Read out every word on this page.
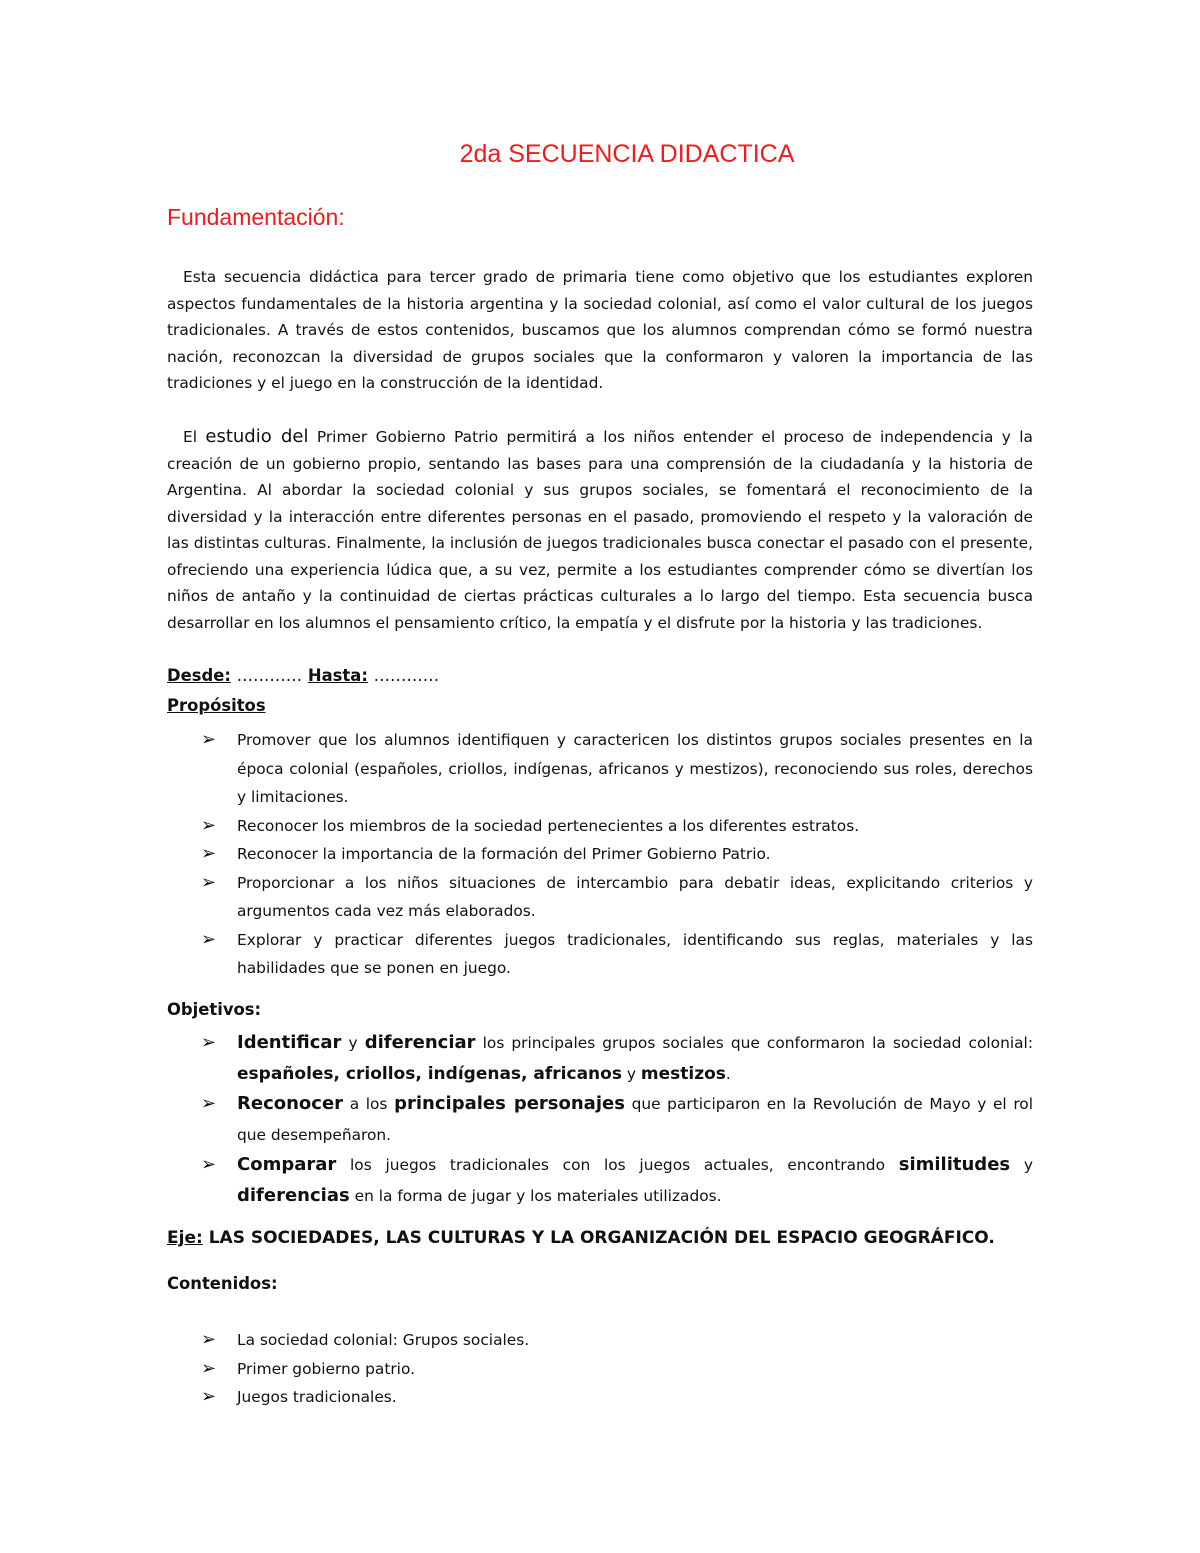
2da SECUENCIA DIDACTICA
Fundamentación:

Esta secuencia didáctica para tercer grado de primaria tiene como objetivo que los estudiantes exploren aspectos fundamentales de la historia argentina y la sociedad colonial, así como el valor cultural de los juegos tradicionales. A través de estos contenidos, buscamos que los alumnos comprendan cómo se formó nuestra nación, reconozcan la diversidad de grupos sociales que la conformaron y valoren la importancia de las tradiciones y el juego en la construcción de la identidad.

El estudio del Primer Gobierno Patrio permitirá a los niños entender el proceso de independencia y la creación de un gobierno propio, sentando las bases para una comprensión de la ciudadanía y la historia de Argentina. Al abordar la sociedad colonial y sus grupos sociales, se fomentará el reconocimiento de la diversidad y la interacción entre diferentes personas en el pasado, promoviendo el respeto y la valoración de las distintas culturas. Finalmente, la inclusión de juegos tradicionales busca conectar el pasado con el presente, ofreciendo una experiencia lúdica que, a su vez, permite a los estudiantes comprender cómo se divertían los niños de antaño y la continuidad de ciertas prácticas culturales a lo largo del tiempo. Esta secuencia busca desarrollar en los alumnos el pensamiento crítico, la empatía y el disfrute por la historia y las tradiciones.

Desde: ………… Hasta: …………
Propósitos
➢ Promover que los alumnos identifiquen y caractericen los distintos grupos sociales presentes en la época colonial (españoles, criollos, indígenas, africanos y mestizos), reconociendo sus roles, derechos y limitaciones.
➢ Reconocer los miembros de la sociedad pertenecientes a los diferentes estratos.
➢ Reconocer la importancia de la formación del Primer Gobierno Patrio.
➢ Proporcionar a los niños situaciones de intercambio para debatir ideas, explicitando criterios y argumentos cada vez más elaborados.
➢ Explorar y practicar diferentes juegos tradicionales, identificando sus reglas, materiales y las habilidades que se ponen en juego.
Objetivos:
➢ Identificar y diferenciar los principales grupos sociales que conformaron la sociedad colonial: españoles, criollos, indígenas, africanos y mestizos.
➢ Reconocer a los principales personajes que participaron en la Revolución de Mayo y el rol que desempeñaron.
➢ Comparar los juegos tradicionales con los juegos actuales, encontrando similitudes y diferencias en la forma de jugar y los materiales utilizados.
Eje: LAS SOCIEDADES, LAS CULTURAS Y LA ORGANIZACIÓN DEL ESPACIO GEOGRÁFICO.
Contenidos:
➢ La sociedad colonial: Grupos sociales.
➢ Primer gobierno patrio.
➢ Juegos tradicionales.
